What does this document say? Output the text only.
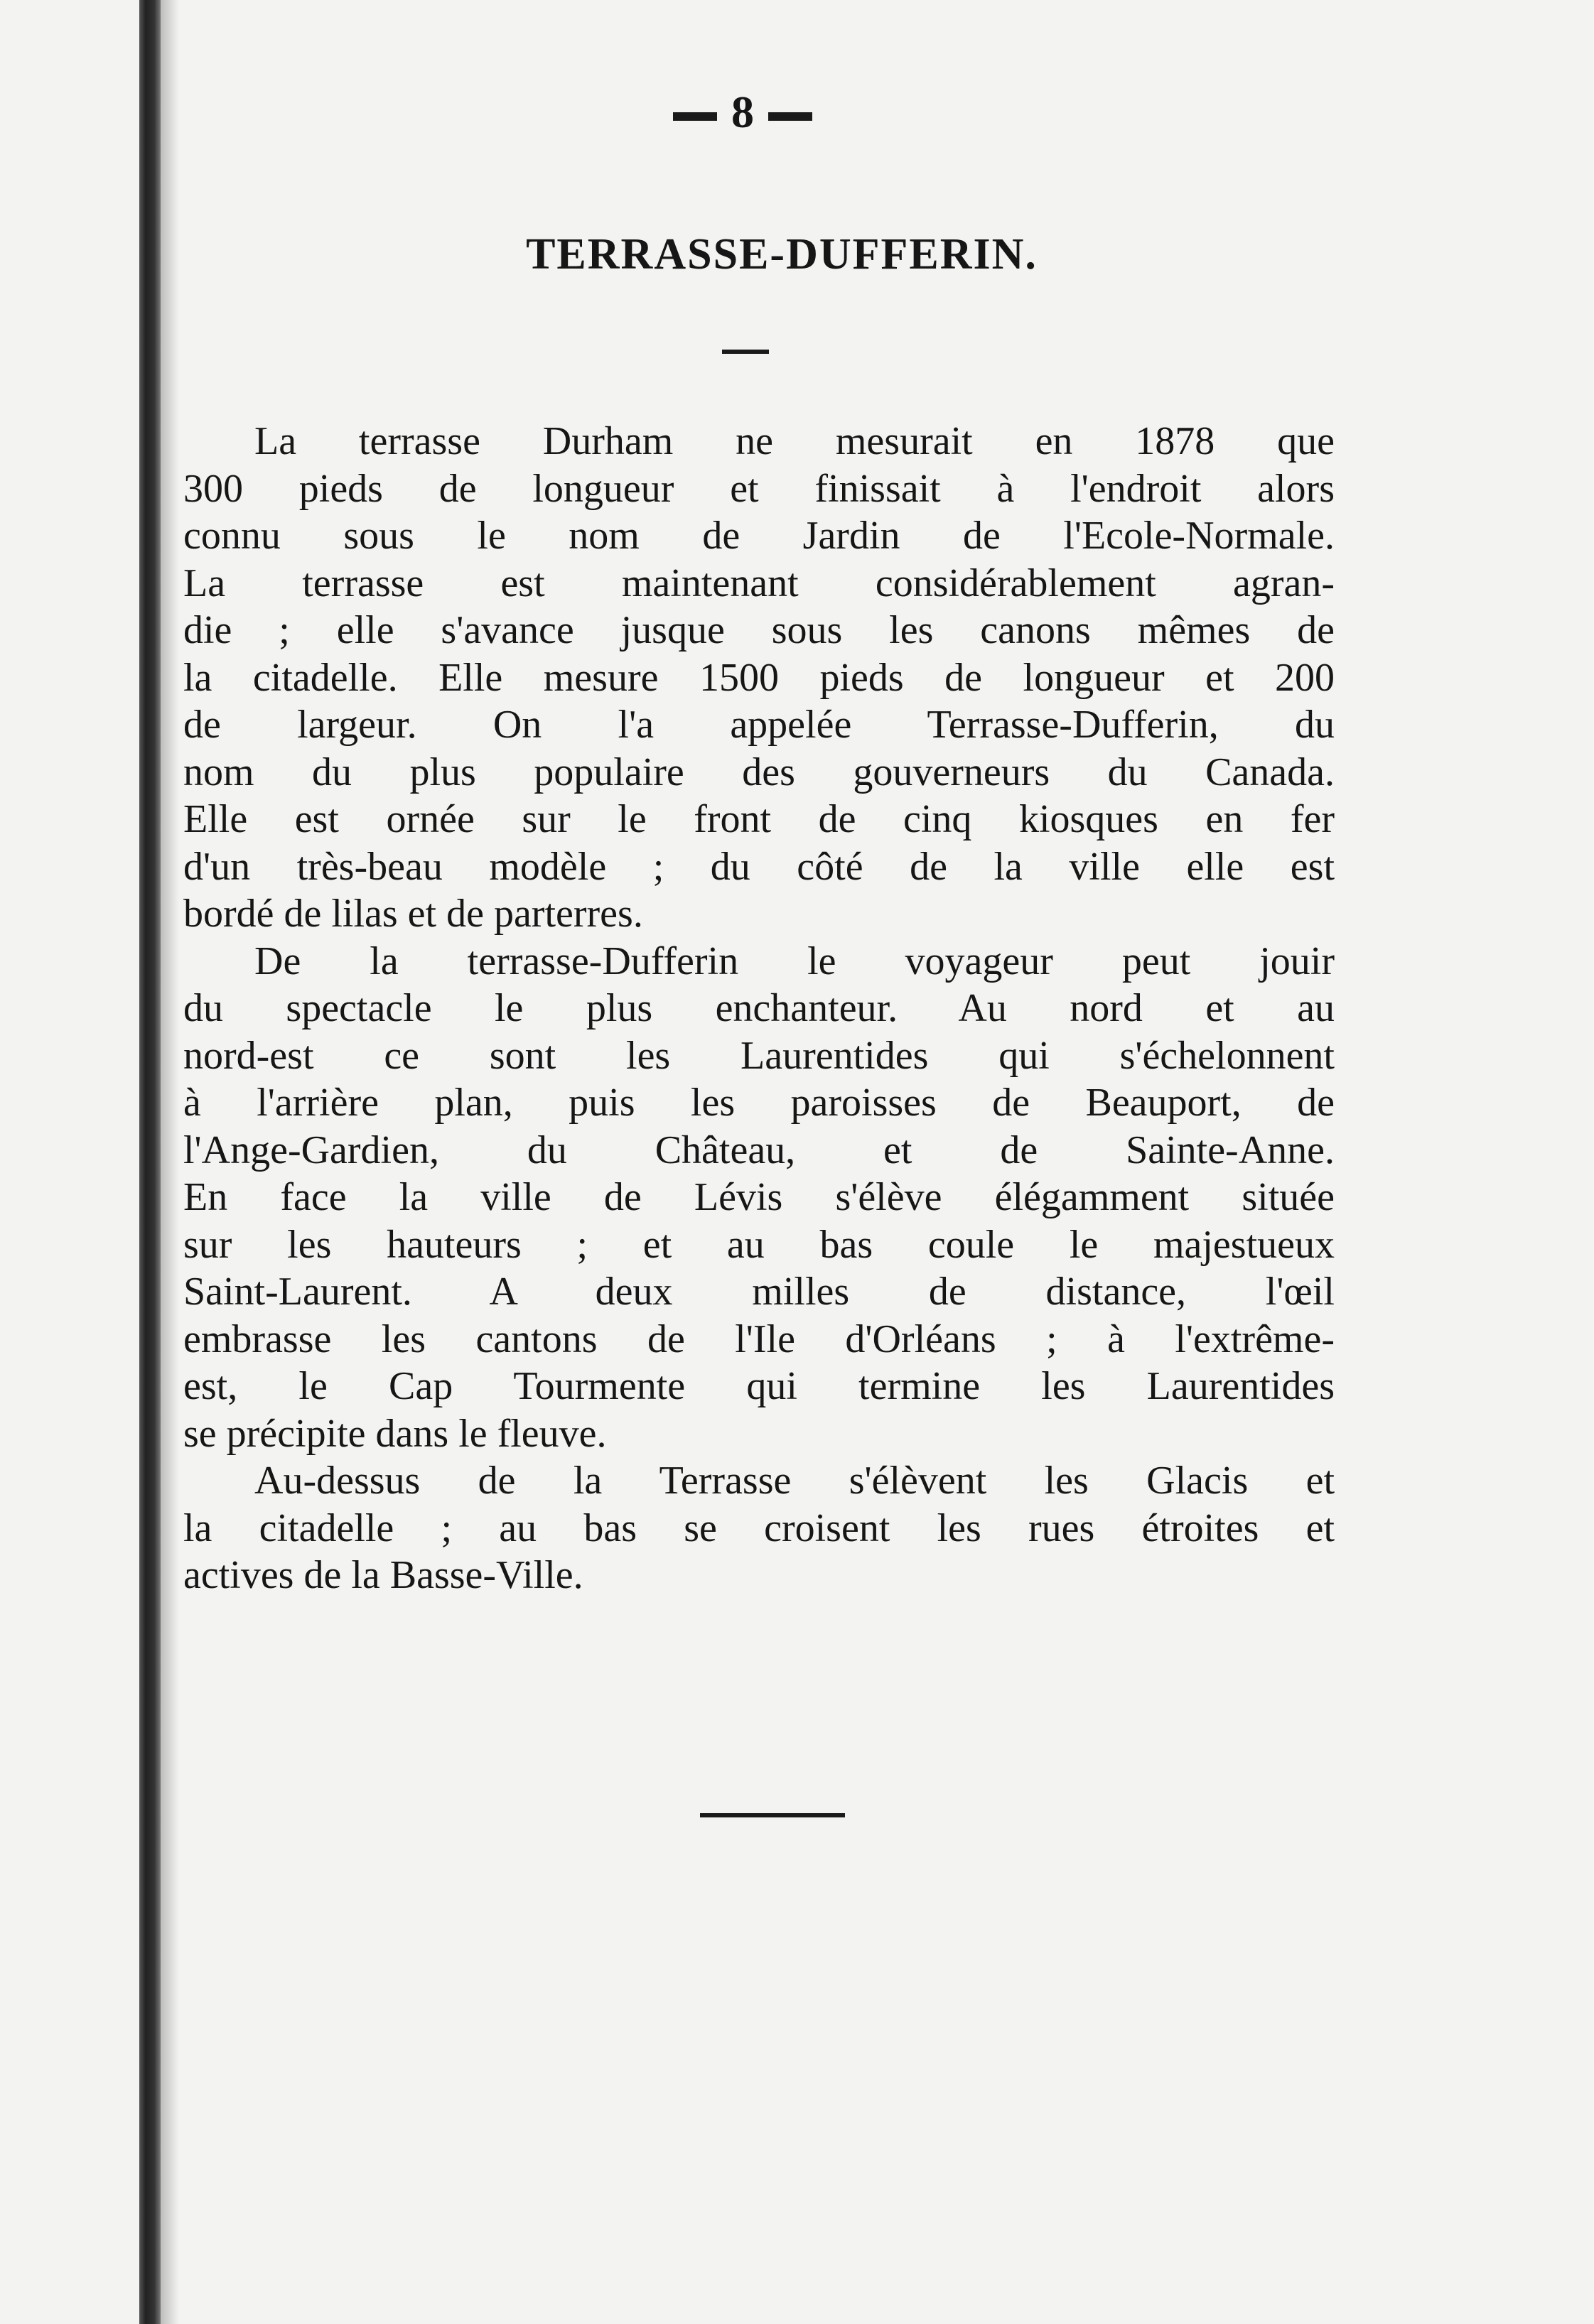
8
TERRASSE-DUFFERIN.
La terrasse Durham ne mesurait en 1878 que
300 pieds de longueur et finissait à l'endroit alors
connu sous le nom de Jardin de l'Ecole-Normale.
La terrasse est maintenant considérablement agran-
die ; elle s'avance jusque sous les canons mêmes de
la citadelle. Elle mesure 1500 pieds de longueur et 200
de largeur. On l'a appelée Terrasse-Dufferin, du
nom du plus populaire des gouverneurs du Canada.
Elle est ornée sur le front de cinq kiosques en fer
d'un très-beau modèle ; du côté de la ville elle est
bordé de lilas et de parterres.
De la terrasse-Dufferin le voyageur peut jouir
du spectacle le plus enchanteur. Au nord et au
nord-est ce sont les Laurentides qui s'échelonnent
à l'arrière plan, puis les paroisses de Beauport, de
l'Ange-Gardien, du Château, et de Sainte-Anne.
En face la ville de Lévis s'élève élégamment située
sur les hauteurs ; et au bas coule le majestueux
Saint-Laurent. A deux milles de distance, l'œil
embrasse les cantons de l'Ile d'Orléans ; à l'extrême-
est, le Cap Tourmente qui termine les Laurentides
se précipite dans le fleuve.
Au-dessus de la Terrasse s'élèvent les Glacis et
la citadelle ; au bas se croisent les rues étroites et
actives de la Basse-Ville.
